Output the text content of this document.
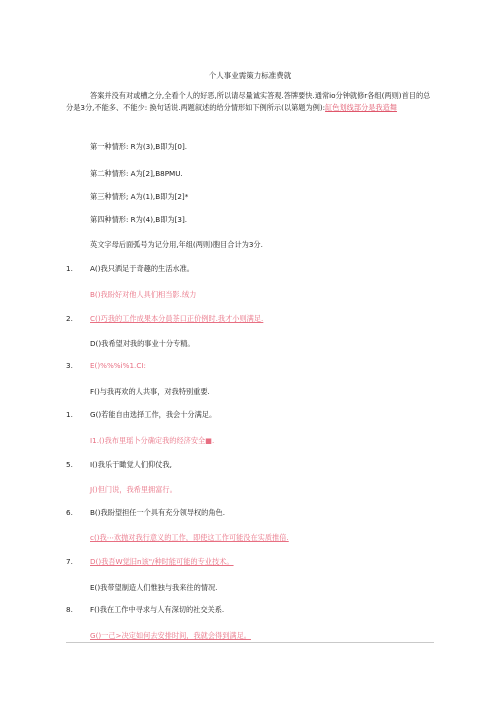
个人事业需策力标准费就
答案并没有对或槽之分,全看个人的好恶,所以请尽量诚实答观.答牌要快.通常io分钟就修r各组(两则)首目的总分是3分,不能多、不能少: 换句话说.两题叙述的给分情形如下例所示(以第题为例):缸色划线部分是我造舞
第一种情形: R为(3),B即为[0].
第二种情形: A为[2],B8PMU.
第三种情形; A为(1),B即为[2]*
第四种情形: R为(4),B即为[3].
英文字母后面弧号为记分用,年组(两则)胞目合计为3分.
1. A()我只洒足于奇趣的生活水准。
B()我盼好对他人具们相当影.绒力
2. C()巧我的工作成果本分員茶口正价例时.我才小则满足.
D()我希望对我的事业十分专精。
3. E()%%%i%1.CI:
F()与我再欢的人共事，对我特别重要.
1. G()若能自由选择工作，我会十分满足。
I1.()我布里瑶卜分确定我的经济安全■.
5. I()我乐于瞰觉人们仰仗我,
J()但门说，我希里拥富行。
6. B()我盼望担任一个具有充分领导权的角色.
c()我⋯欢抛对我行意义的工作，即使这工作可能没在实质推倍.
7. D()我吾W觉旧n该"/种时能可能的专业技术。
E()我带望制造人们惟独与我来往的情况.
8. F()我在工作中寻求与人有深切的社交关系.
G()一己>决定如何去安排时间，我就会得到满足。
